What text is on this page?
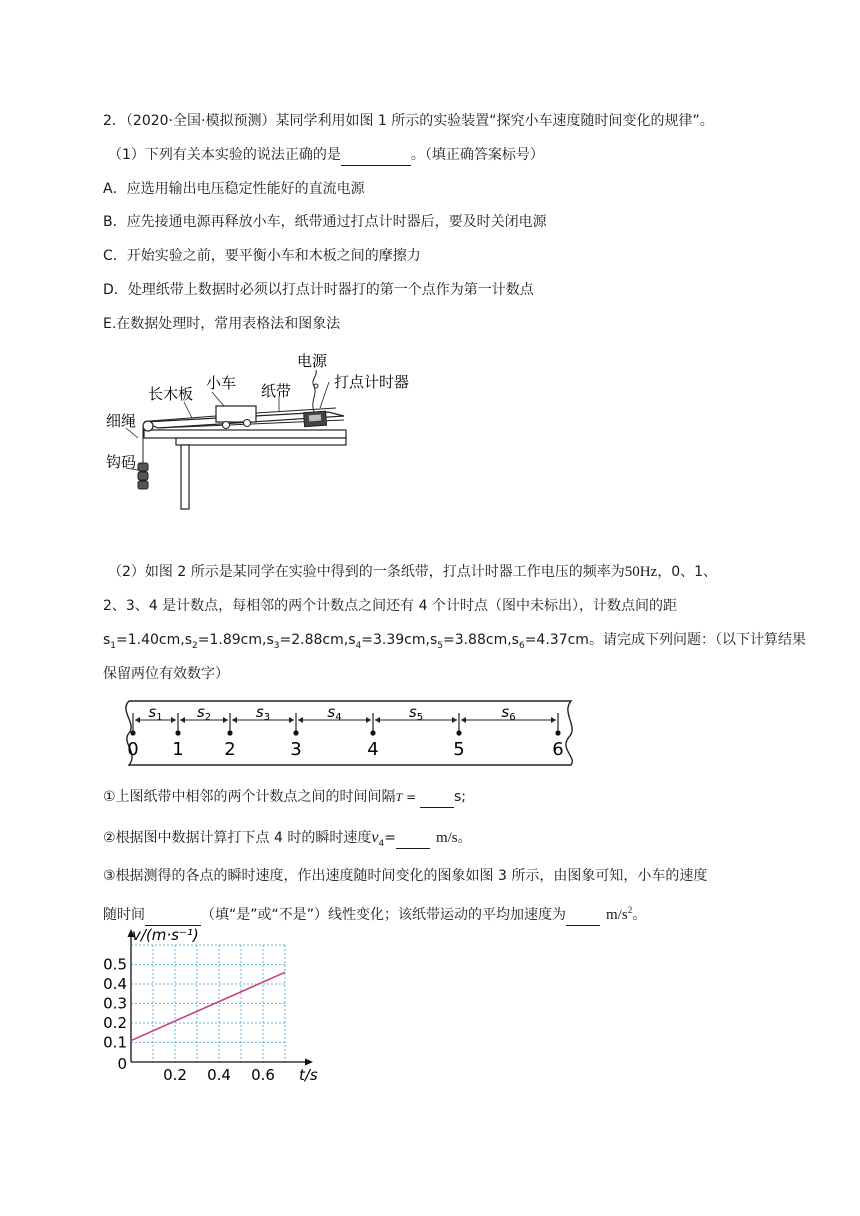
2．（2020·全国·模拟预测）某同学利用如图 1 所示的实验装置“探究小车速度随时间变化的规律”。
（1）下列有关本实验的说法正确的是	。（填正确答案标号）
A．应选用输出电压稳定性能好的直流电源
B．应先接通电源再释放小车，纸带通过打点计时器后，要及时关闭电源
C．开始实验之前，要平衡小车和木板之间的摩擦力
D．处理纸带上数据时必须以打点计时器打的第一个点作为第一计数点
E.在数据处理时，常用表格法和图象法
电源
打点计时器
小车 纸带
长木板
细绳
钩码
（2）如图 2 所示是某同学在实验中得到的一条纸带，打点计时器工作电压的频率为50Hz，0、1、
2、3、4 是计数点，每相邻的两个计数点之间还有 4 个计时点（图中未标出），计数点间的距
$s_1=1.40cm,s_2=1.89cm,s_3=2.88cm,s_4=3.39cm,s_5=3.88cm,s_6=4.37cm$。请完成下列问题：（以下计算结果
保留两位有效数字）
0 1 2	3	4	5	6
$s_1$ $s_2$	$s_3$	$s_4$	$s_5$	$s_6$
①上图纸带中相邻的两个计数点之间的时间间隔T =  s;
②根据图中数据计算打下点 4 时的瞬时速度$v_4=$	m/s。
③根据测得的各点的瞬时速度，作出速度随时间变化的图象如图 3 所示，由图象可知，小车的速度
随时间	（填“是”或“不是”）线性变化；该纸带运动的平均加速度为	$m/s^2$。
0.5
0.4
0.3
0.2
0.1
0
0.2 0.4 0.6
v/(m·s⁻¹)
t/s
